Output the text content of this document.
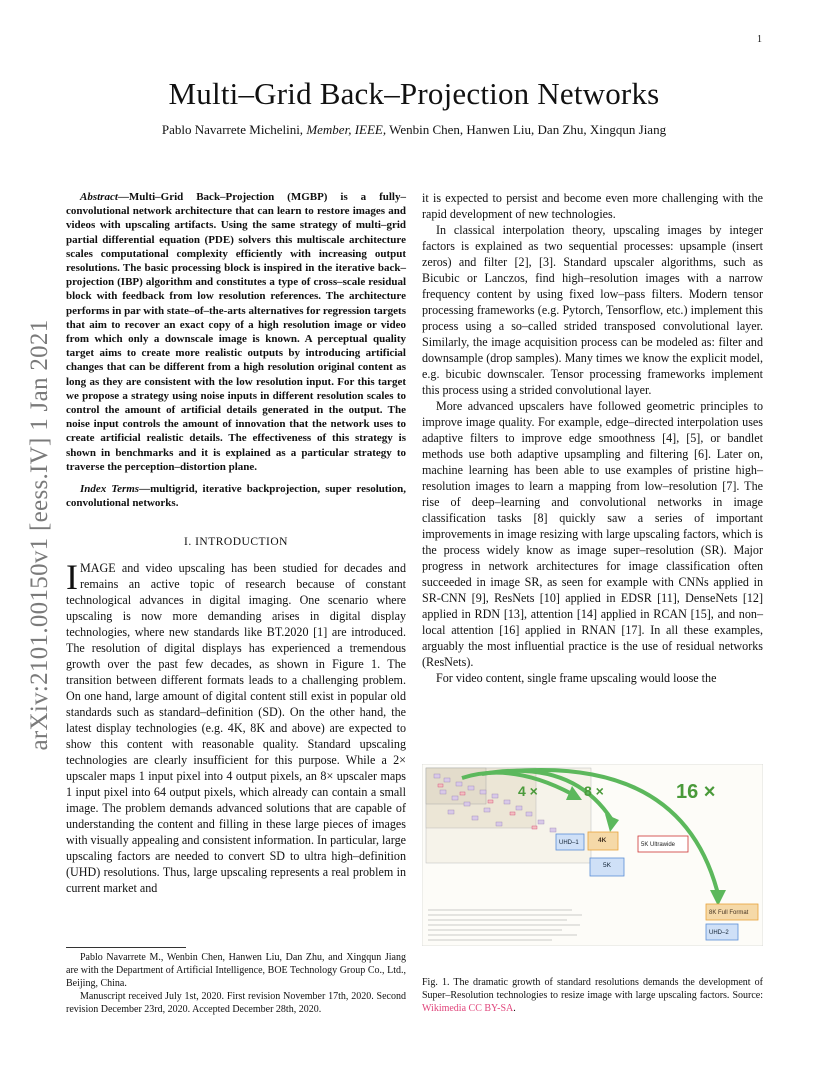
1
Multi–Grid Back–Projection Networks
Pablo Navarrete Michelini, Member, IEEE, Wenbin Chen, Hanwen Liu, Dan Zhu, Xingqun Jiang
arXiv:2101.00150v1 [eess.IV] 1 Jan 2021

Abstract—Multi–Grid Back–Projection (MGBP) is a fully–convolutional network architecture that can learn to restore images and videos with upscaling artifacts. Using the same strategy of multi–grid partial differential equation (PDE) solvers this multiscale architecture scales computational complexity efficiently with increasing output resolutions. The basic processing block is inspired in the iterative back–projection (IBP) algorithm and constitutes a type of cross–scale residual block with feedback from low resolution references. The architecture performs in par with state–of–the-arts alternatives for regression targets that aim to recover an exact copy of a high resolution image or video from which only a downscale image is known. A perceptual quality target aims to create more realistic outputs by introducing artificial changes that can be different from a high resolution original content as long as they are consistent with the low resolution input. For this target we propose a strategy using noise inputs in different resolution scales to control the amount of artificial details generated in the output. The noise input controls the amount of innovation that the network uses to create artificial realistic details. The effectiveness of this strategy is shown in benchmarks and it is explained as a particular strategy to traverse the perception–distortion plane.

Index Terms—multigrid, iterative backprojection, super resolution, convolutional networks.

I. INTRODUCTION

IMAGE and video upscaling has been studied for decades and remains an active topic of research because of constant technological advances in digital imaging. One scenario where upscaling is now more demanding arises in digital display technologies, where new standards like BT.2020 [1] are introduced. The resolution of digital displays has experienced a tremendous growth over the past few decades, as shown in Figure 1. The transition between different formats leads to a challenging problem. On one hand, large amount of digital content still exist in popular old standards such as standard–definition (SD). On the other hand, the latest display technologies (e.g. 4K, 8K and above) are expected to show this content with reasonable quality. Standard upscaling technologies are clearly insufficient for this purpose. While a 2× upscaler maps 1 input pixel into 4 output pixels, an 8× upscaler maps 1 input pixel into 64 output pixels, which already can contain a small image. The problem demands advanced solutions that are capable of understanding the content and filling in these large pieces of images with visually appealing and consistent information. In particular, large upscaling factors are needed to convert SD to ultra high–definition (UHD) resolutions. Thus, large upscaling represents a real problem in current market and

Pablo Navarrete M., Wenbin Chen, Hanwen Liu, Dan Zhu, and Xingqun Jiang are with the Department of Artificial Intelligence, BOE Technology Group Co., Ltd., Beijing, China.

Manuscript received July 1st, 2020. First revision November 17th, 2020. Second revision December 23rd, 2020. Accepted December 28th, 2020.

it is expected to persist and become even more challenging with the rapid development of new technologies.

In classical interpolation theory, upscaling images by integer factors is explained as two sequential processes: upsample (insert zeros) and filter [2], [3]. Standard upscaler algorithms, such as Bicubic or Lanczos, find high–resolution images with a narrow frequency content by using fixed low–pass filters. Modern tensor processing frameworks (e.g. Pytorch, Tensorflow, etc.) implement this process using a so–called strided transposed convolutional layer. Similarly, the image acquisition process can be modeled as: filter and downsample (drop samples). Many times we know the explicit model, e.g. bicubic downscaler. Tensor processing frameworks implement this process using a strided convolutional layer.

More advanced upscalers have followed geometric principles to improve image quality. For example, edge–directed interpolation uses adaptive filters to improve edge smoothness [4], [5], or bandlet methods use both adaptive upsampling and filtering [6]. Later on, machine learning has been able to use examples of pristine high–resolution images to learn a mapping from low–resolution [7]. The rise of deep–learning and convolutional networks in image classification tasks [8] quickly saw a series of important improvements in image resizing with large upscaling factors, which is the process widely know as image super–resolution (SR). Major progress in network architectures for image classification often succeeded in image SR, as seen for example with CNNs applied in SR-CNN [9], ResNets [10] applied in EDSR [11], DenseNets [12] applied in RDN [13], attention [14] applied in RCAN [15], and non–local attention [16] applied in RNAN [17]. In all these examples, arguably the most influential practice is the use of residual networks (ResNets).

For video content, single frame upscaling would loose the

4 ×	8 ×	16 ×
UHD–1	4K
5K Ultrawide
5K
8K Full Format
UHD–2
Fig. 1. The dramatic growth of standard resolutions demands the development of Super–Resolution technologies to resize image with large upscaling factors. Source: Wikimedia CC BY-SA.
